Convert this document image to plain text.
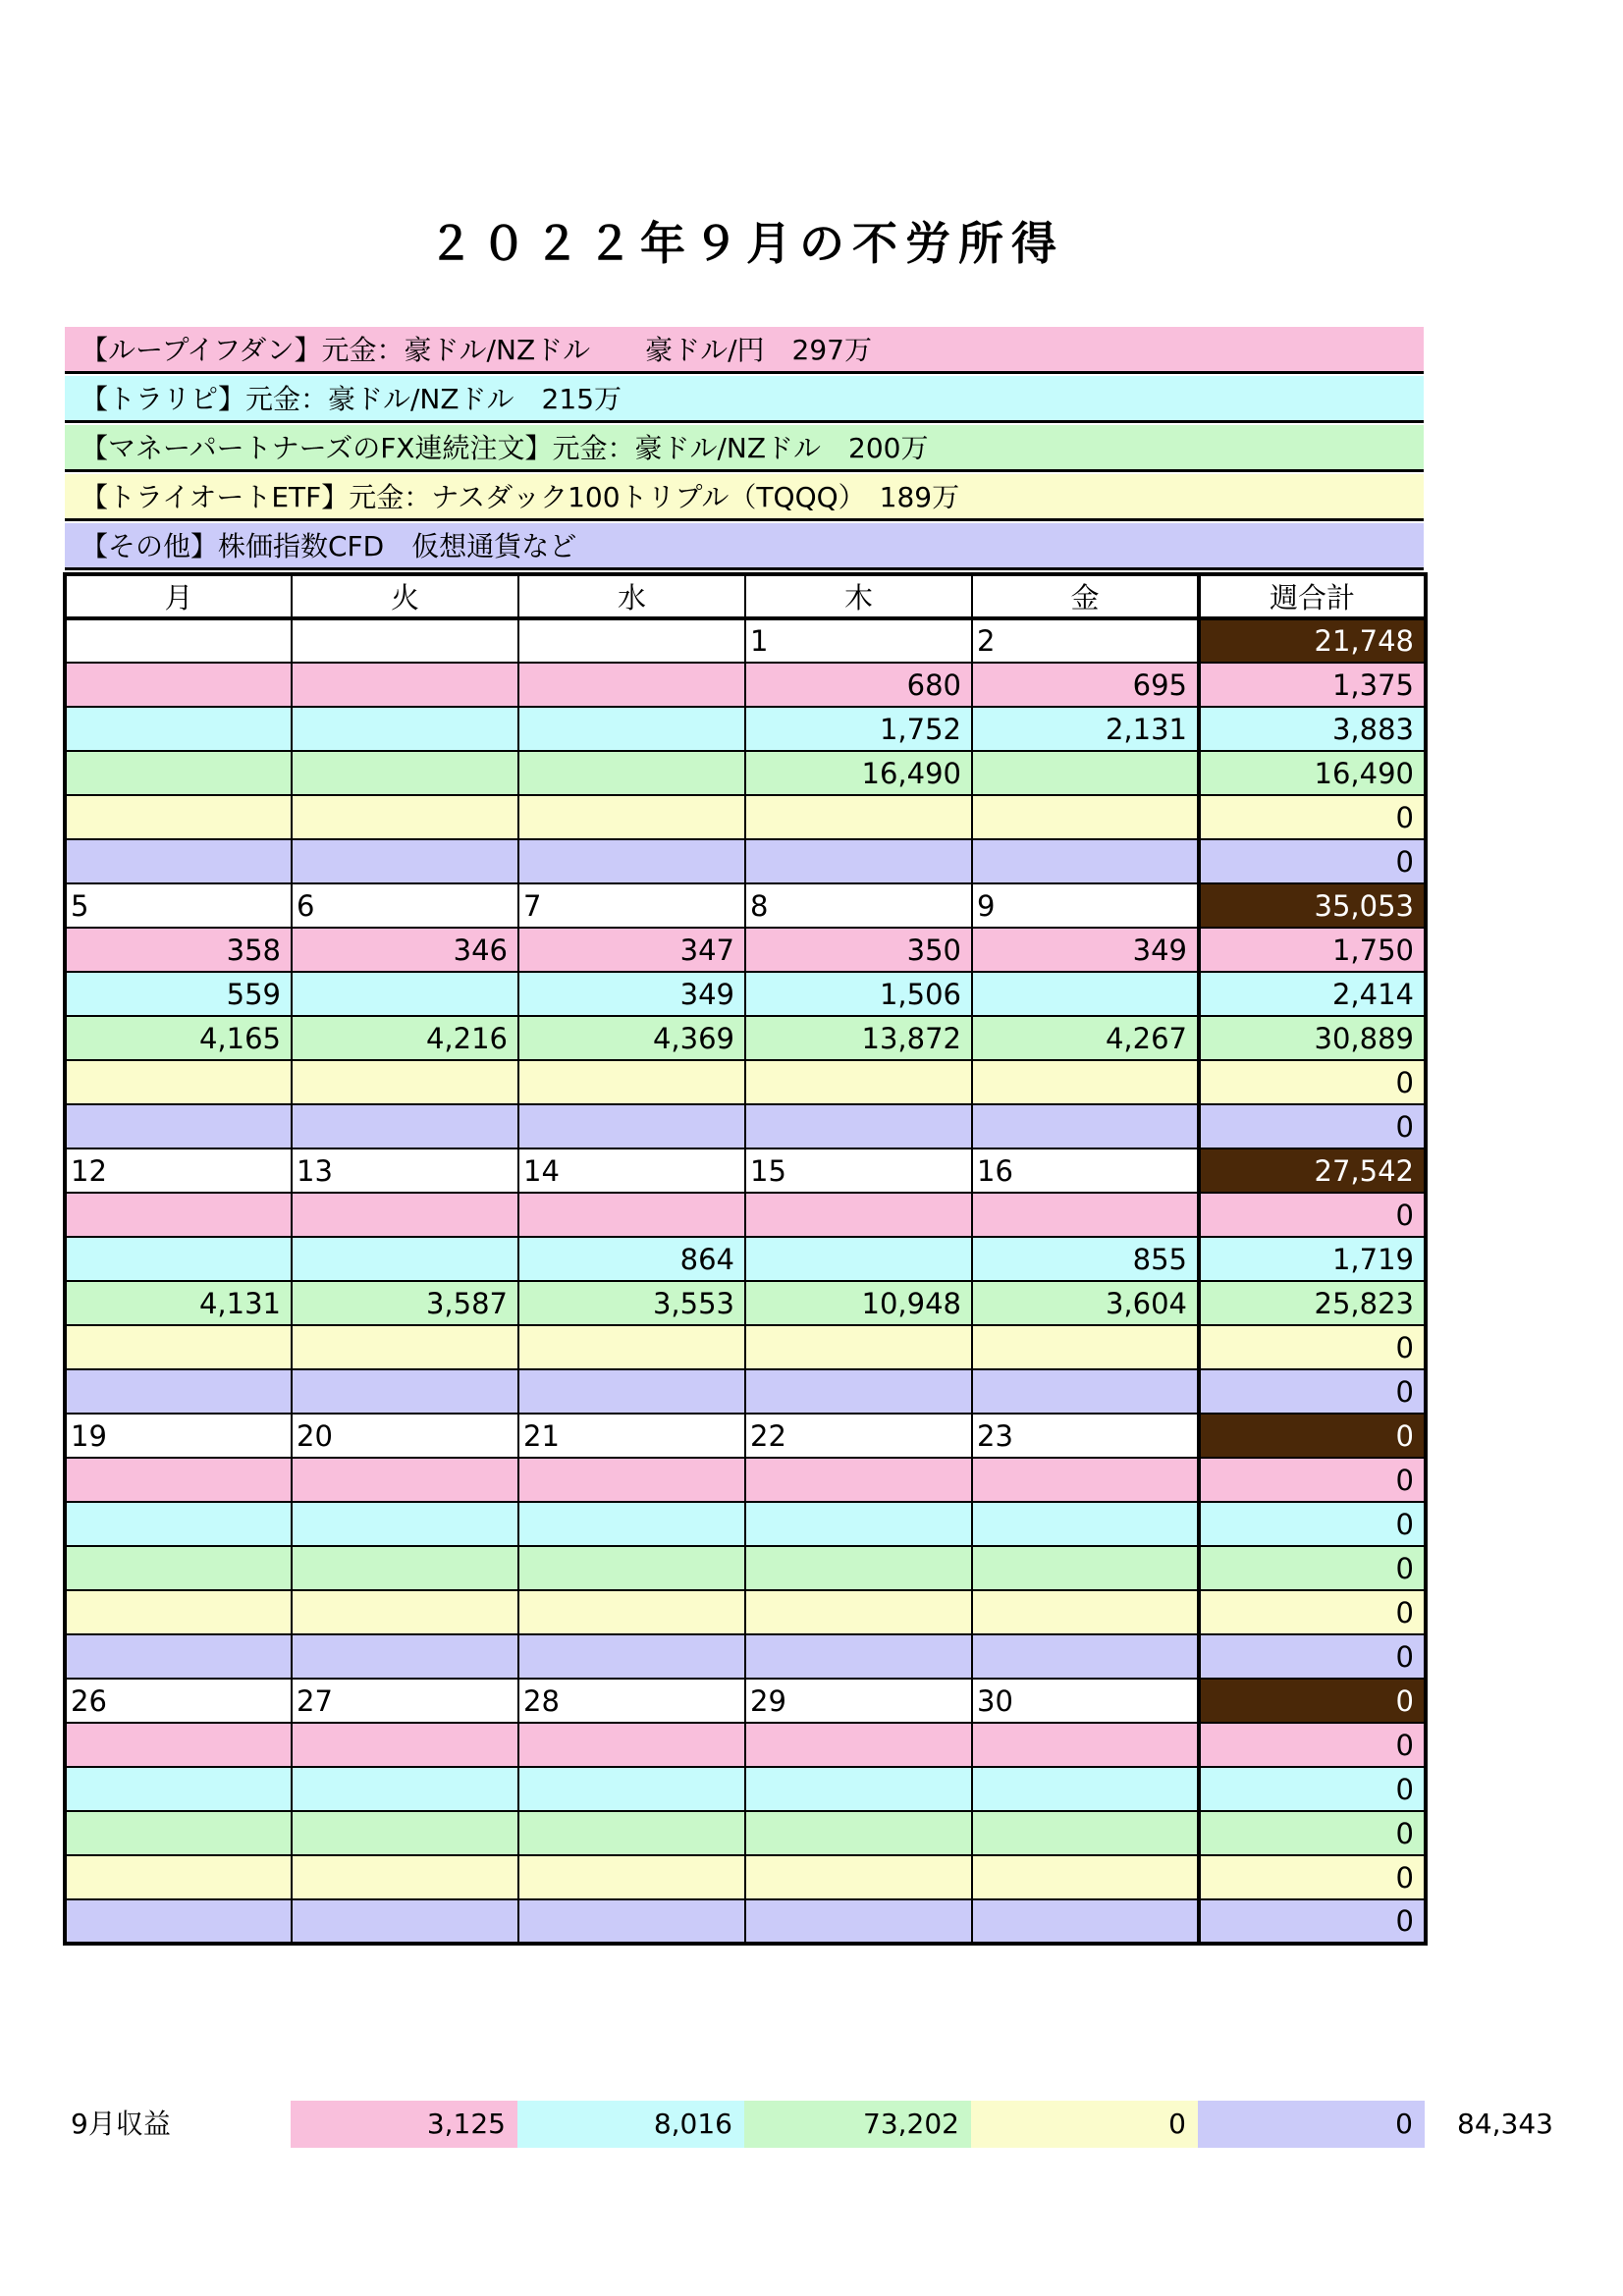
２０２２年９月の不労所得
【ループイフダン】元金：豪ドル/NZドル　　豪ドル/円　297万
【トラリピ】元金：豪ドル/NZドル　215万
【マネーパートナーズのFX連続注文】元金：豪ドル/NZドル　200万
【トライオートETF】元金：ナスダック100トリプル（TQQQ）　189万
【その他】株価指数CFD　仮想通貨など
月	火	水	木	金	週合計
			1	2	21,748
			680	695	1,375
			1,752	2,131	3,883
			16,490		16,490
					0
					0
5	6	7	8	9	35,053
358	346	347	350	349	1,750
559		349	1,506		2,414
4,165	4,216	4,369	13,872	4,267	30,889
					0
					0
12	13	14	15	16	27,542
					0
		864		855	1,719
4,131	3,587	3,553	10,948	3,604	25,823
					0
					0
19	20	21	22	23	0
					0
					0
					0
					0
					0
26	27	28	29	30	0
					0
					0
					0
					0
					0
9月収益	3,125	8,016	73,202	0	0	84,343
